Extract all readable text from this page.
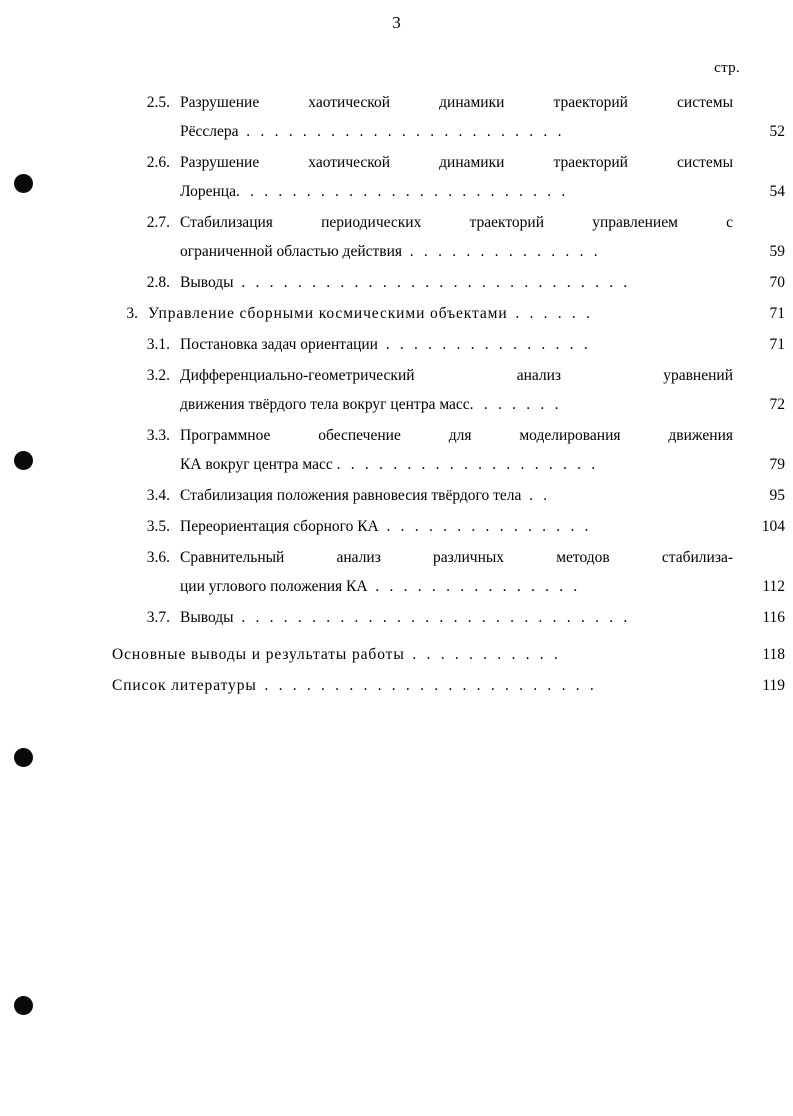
3
стр.
2.5. Разрушение хаотической динамики траекторий системы
Рёсслера . . . . . . . . . . . . . . . . . . . . . . .	52
2.6. Разрушение хаотической динамики траекторий системы
Лоренца. . . . . . . . . . . . . . . . . . . . . . . .	54
2.7. Стабилизация периодических траекторий управлением с
ограниченной областью действия . . . . . . . . . . . . . .	59
2.8. Выводы . . . . . . . . . . . . . . . . . . . . . . . . . . . .	70
3. Управление сборными космическими объектами . . . . . .	71
3.1. Постановка задач ориентации . . . . . . . . . . . . . . .	71
3.2. Дифференциально-геометрический анализ уравнений
движения твёрдого тела вокруг центра масс. . . . . . .	72
3.3. Программное обеспечение для моделирования движения
КА вокруг центра масс . . . . . . . . . . . . . . . . . . .	79
3.4. Стабилизация положения равновесия твёрдого тела . .	95
3.5. Переориентация сборного КА . . . . . . . . . . . . . . .	104
3.6. Сравнительный анализ различных методов стабилиза-
ции углового положения КА . . . . . . . . . . . . . . .	112
3.7. Выводы . . . . . . . . . . . . . . . . . . . . . . . . . . . .	116
Основные выводы и результаты работы . . . . . . . . . . .	118
Список литературы . . . . . . . . . . . . . . . . . . . . . . . .	119
